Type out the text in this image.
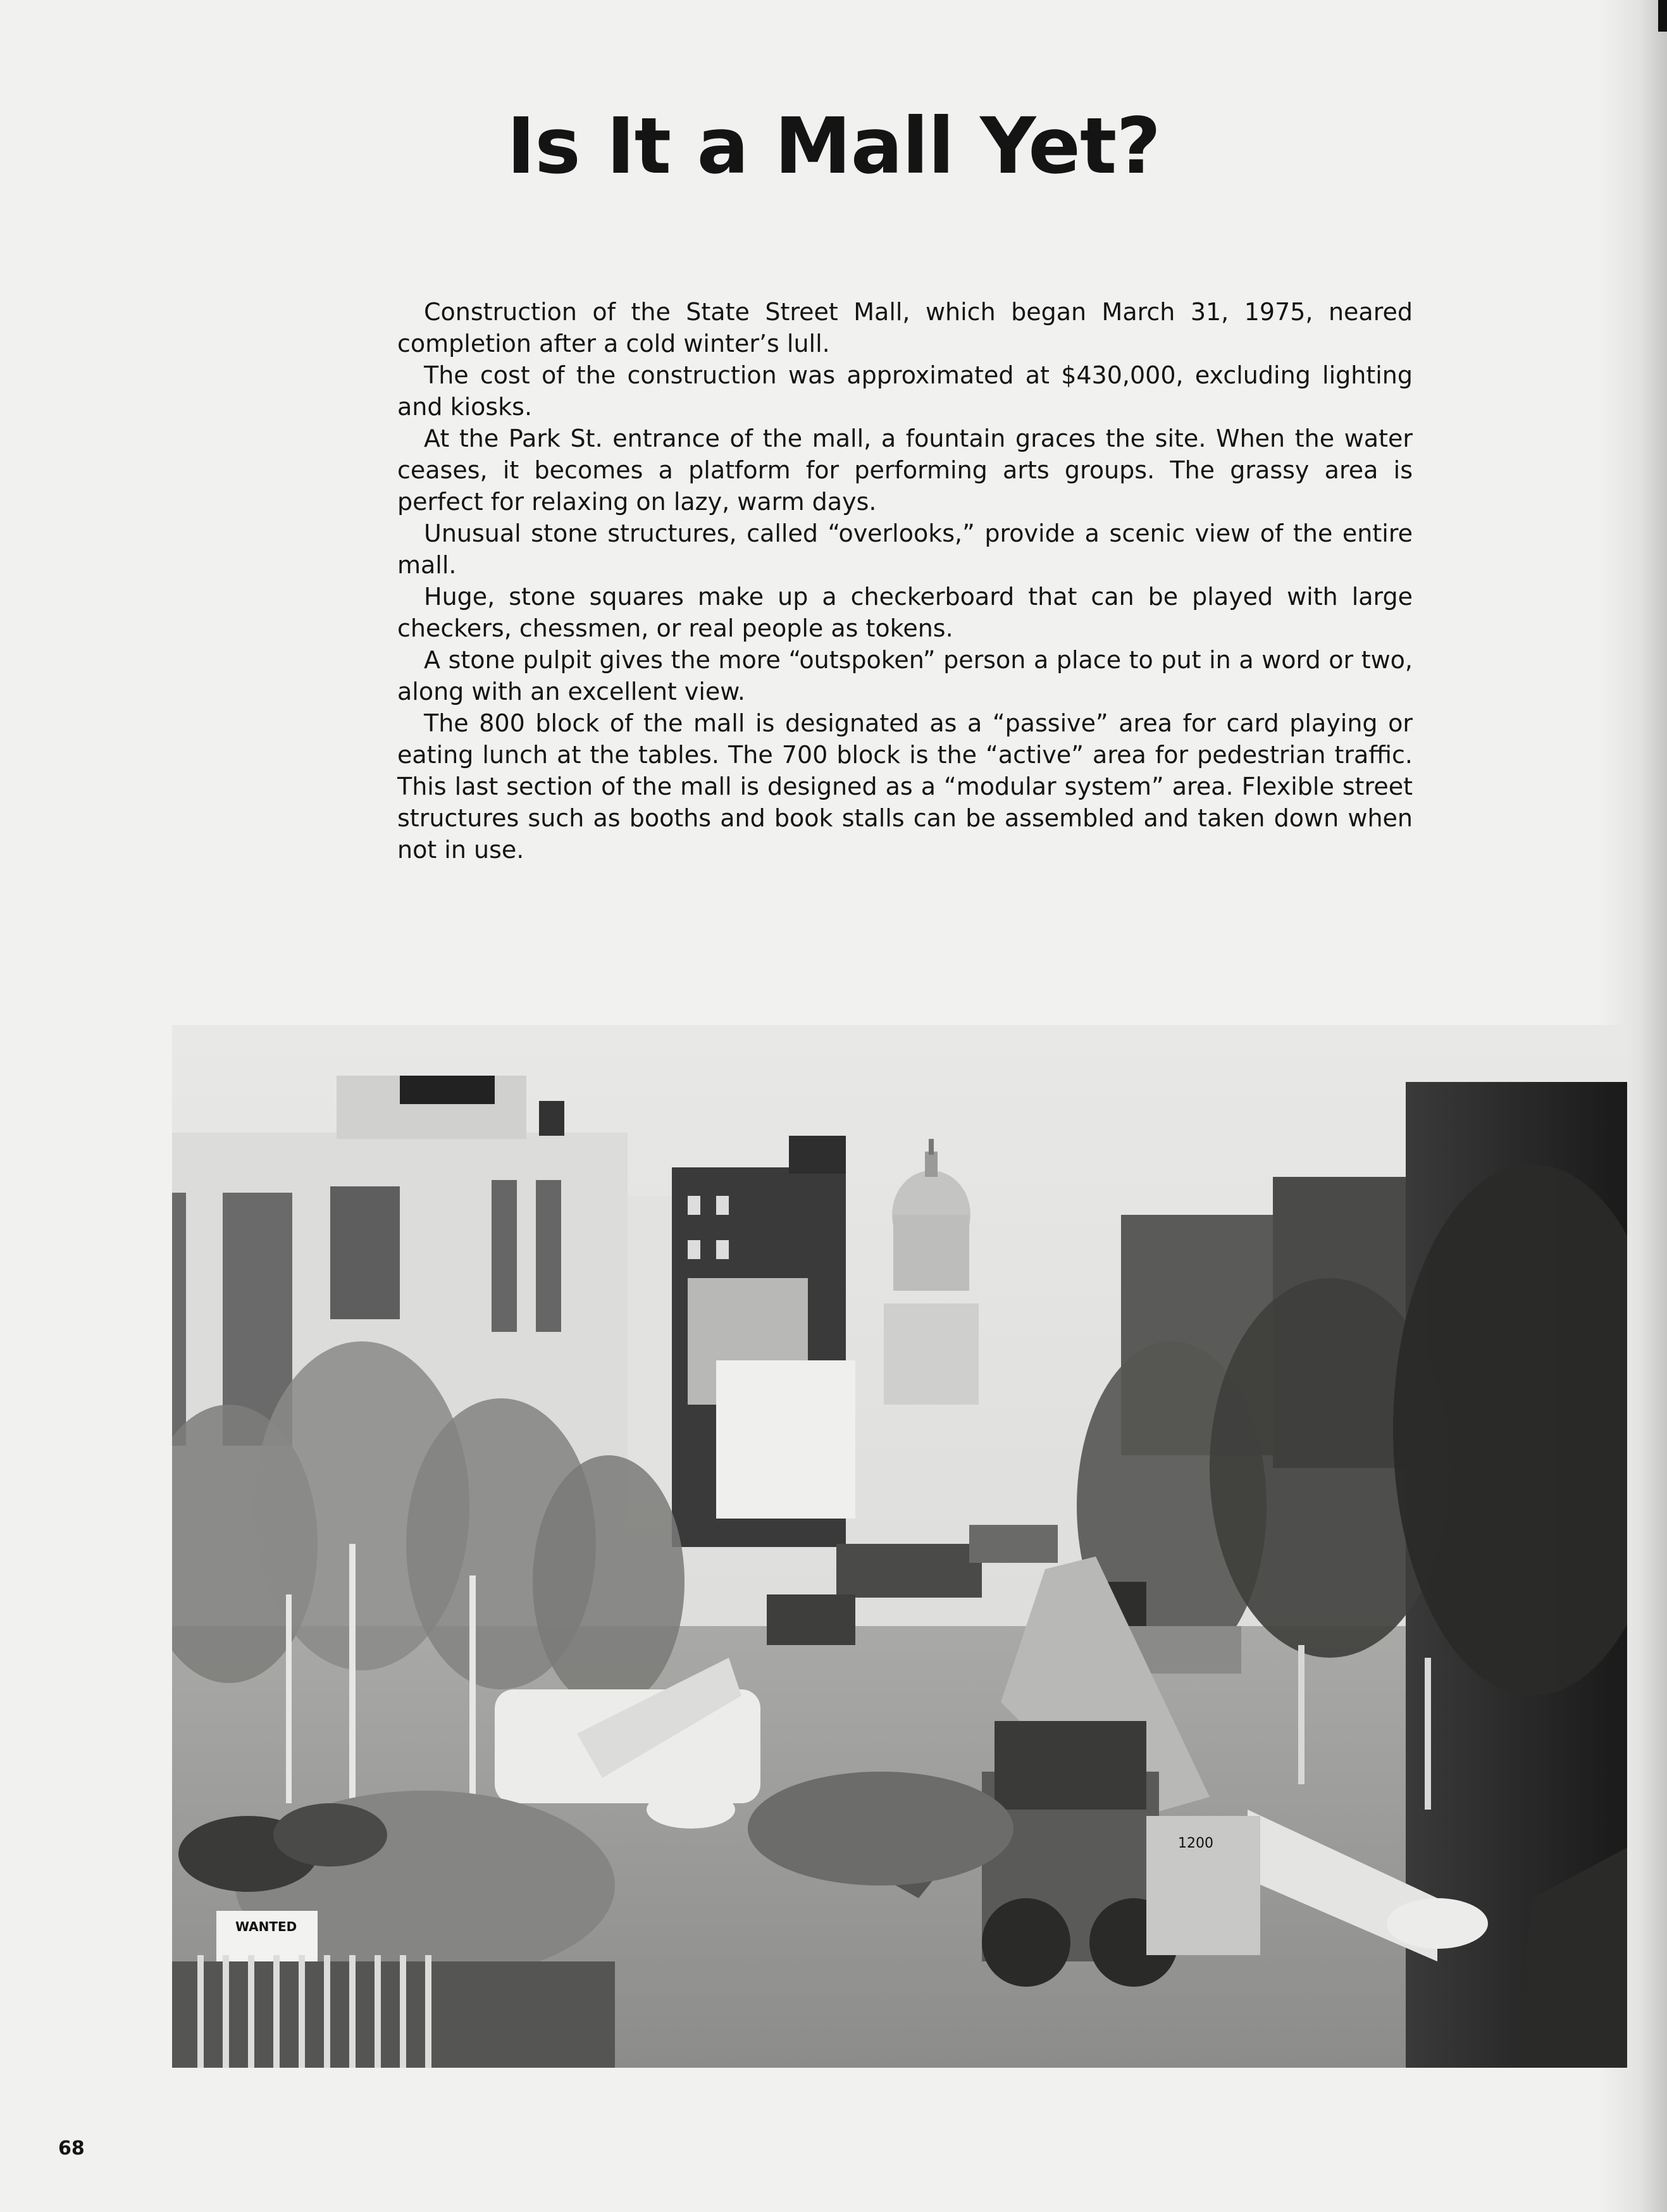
Is It a Mall Yet?

Construction of the State Street Mall, which began March 31, 1975, neared completion after a cold winter’s lull.

The cost of the construction was approximated at $430,000, excluding lighting and kiosks.

At the Park St. entrance of the mall, a fountain graces the site. When the water ceases, it becomes a platform for performing arts groups. The grassy area is perfect for relaxing on lazy, warm days.

Unusual stone structures, called “overlooks,” provide a scenic view of the entire mall.

Huge, stone squares make up a checkerboard that can be played with large checkers, chessmen, or real people as tokens.

A stone pulpit gives the more “outspoken” person a place to put in a word or two, along with an excellent view.

The 800 block of the mall is designated as a “passive” area for card playing or eating lunch at the tables. The 700 block is the “active” area for pedestrian traffic. This last section of the mall is designed as a “modular system” area. Flexible street structures such as booths and book stalls can be assembled and taken down when not in use.

1200
WANTED
68
